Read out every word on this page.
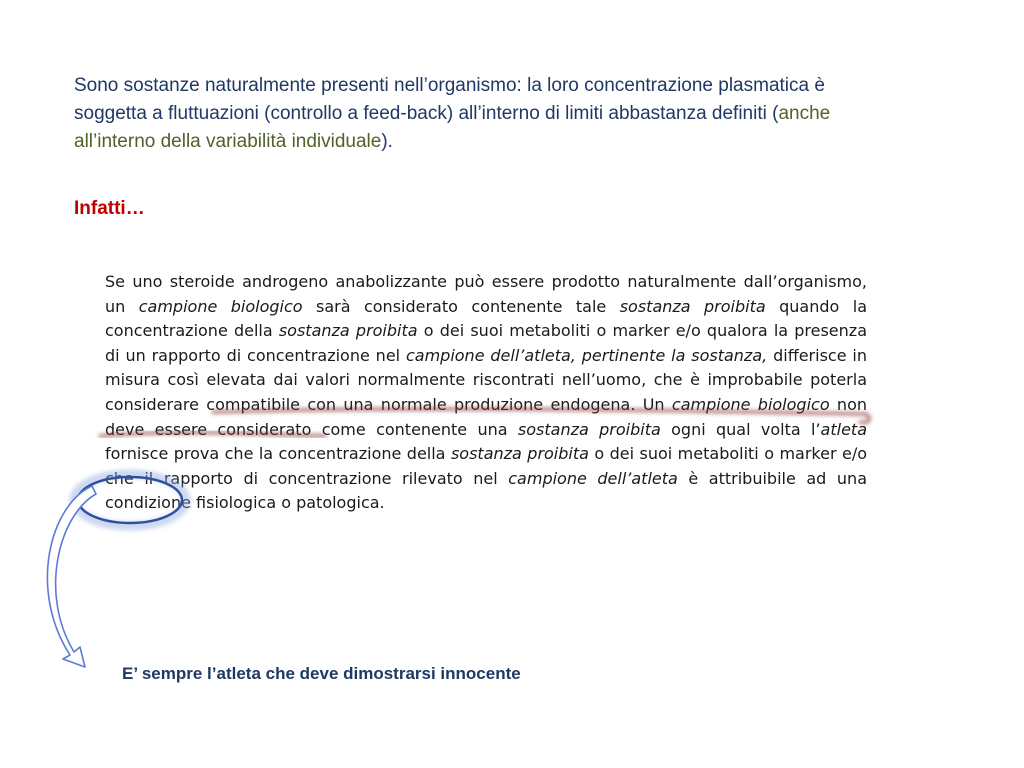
Sono sostanze naturalmente presenti nell’organismo: la loro concentrazione plasmatica è soggetta a fluttuazioni (controllo a feed-back) all’interno di limiti abbastanza definiti (anche all’interno della variabilità individuale).
Infatti…
Se uno steroide androgeno anabolizzante può essere prodotto naturalmente dall’organismo, un campione biologico sarà considerato contenente tale sostanza proibita quando la concentrazione della sostanza proibita o dei suoi metaboliti o marker e/o qualora la presenza di un rapporto di concentrazione nel campione dell’atleta, pertinente la sostanza, differisce in misura così elevata dai valori normalmente riscontrati nell’uomo, che è improbabile poterla considerare compatibile con una normale produzione endogena. Un campione biologico non deve essere considerato come contenente una sostanza proibita ogni qual volta l’atleta fornisce prova che la concentrazione della sostanza proibita o dei suoi metaboliti o marker e/o che il rapporto di concentrazione rilevato nel campione dell’atleta è attribuibile ad una condizione fisiologica o patologica.
E’ sempre l’atleta che deve dimostrarsi innocente
